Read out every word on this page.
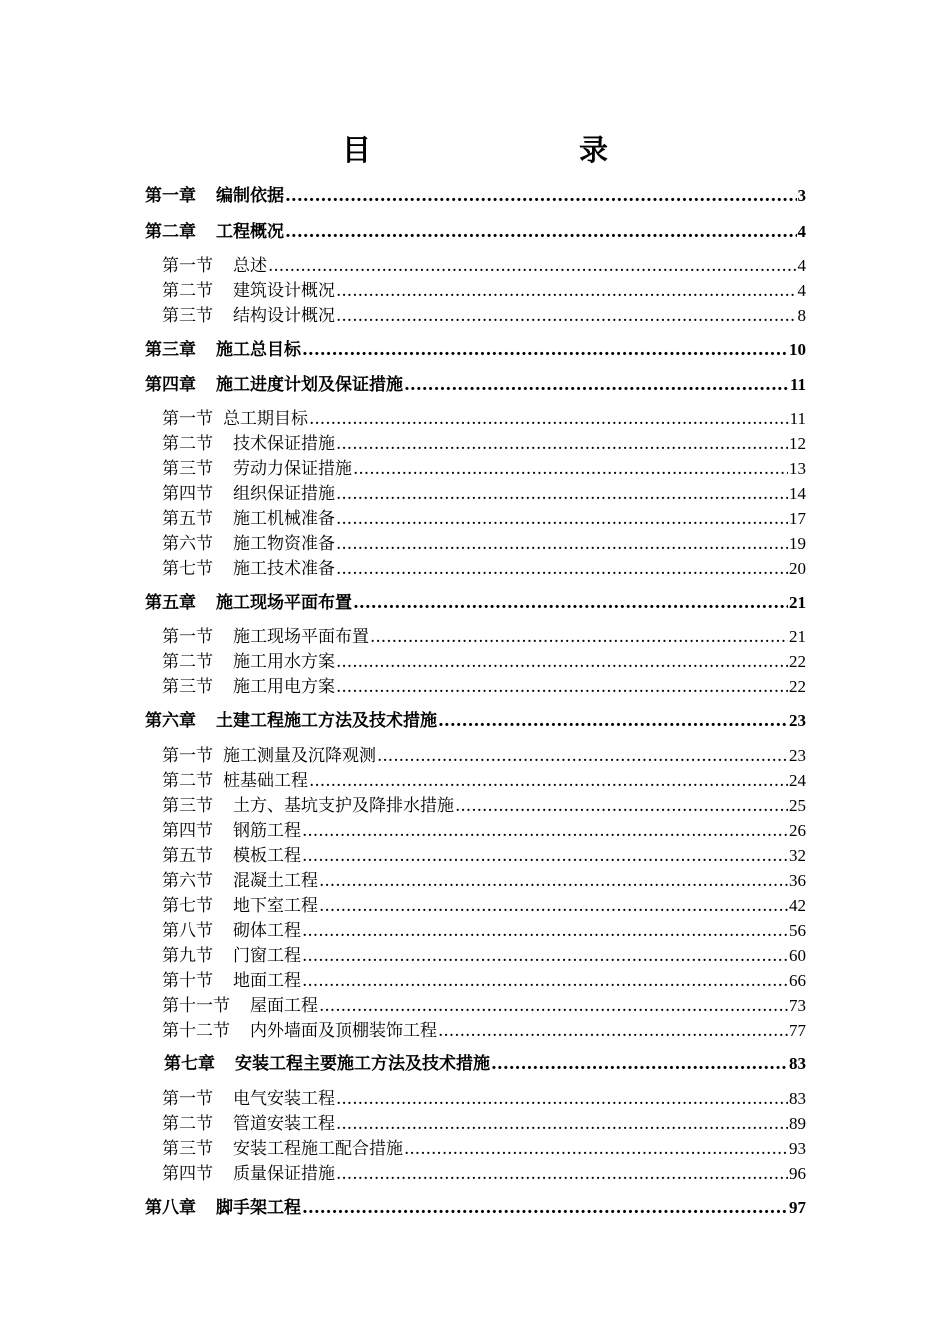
目　　录
第一章 编制依据 .....	3
第二章 工程概况 .....	4
第一节 总述 .....	4
第二节 建筑设计概况 .....	4
第三节 结构设计概况 .....	8
第三章 施工总目标 .....	10
第四章 施工进度计划及保证措施 .....	11
第一节 总工期目标 .....	11
第二节 技术保证措施 .....	12
第三节 劳动力保证措施 .....	13
第四节 组织保证措施 .....	14
第五节 施工机械准备 .....	17
第六节 施工物资准备 .....	19
第七节 施工技术准备 .....	20
第五章 施工现场平面布置 .....	21
第一节 施工现场平面布置 .....	21
第二节 施工用水方案 .....	22
第三节 施工用电方案 .....	22
第六章 土建工程施工方法及技术措施 .....	23
第一节 施工测量及沉降观测 .....	23
第二节 桩基础工程 .....	24
第三节 土方、基坑支护及降排水措施 .....	25
第四节 钢筋工程 .....	26
第五节 模板工程 .....	32
第六节 混凝土工程 .....	36
第七节 地下室工程 .....	42
第八节 砌体工程 .....	56
第九节 门窗工程 .....	60
第十节 地面工程 .....	66
第十一节 屋面工程 .....	73
第十二节 内外墙面及顶棚装饰工程 .....	77
第七章 安装工程主要施工方法及技术措施 .....	83
第一节 电气安装工程 .....	83
第二节 管道安装工程 .....	89
第三节 安装工程施工配合措施 .....	93
第四节 质量保证措施 .....	96
第八章 脚手架工程 .....	97
